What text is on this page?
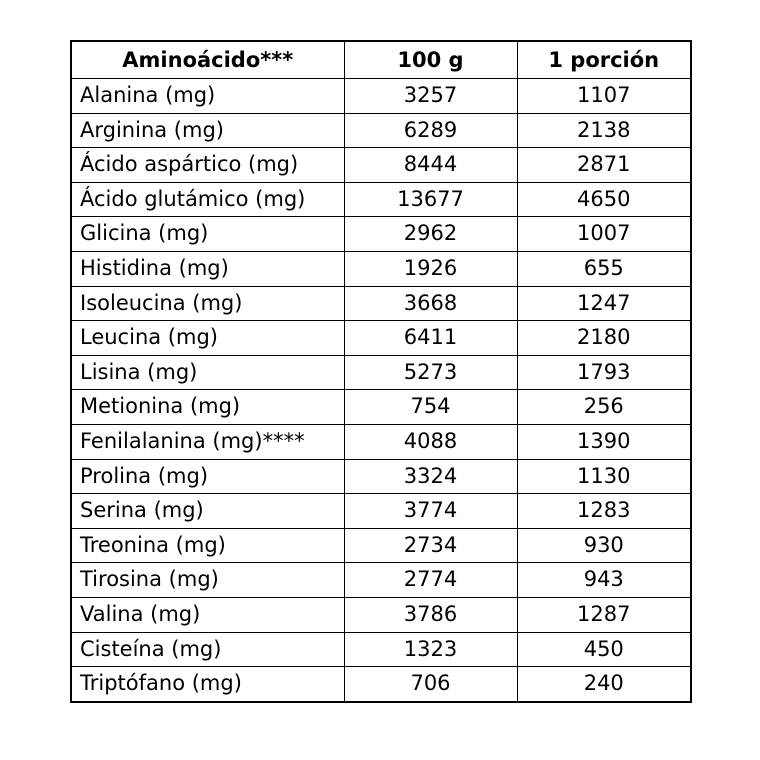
Aminoácido***	100 g	1 porción
Alanina (mg)	3257	1107
Arginina (mg)	6289	2138
Ácido aspártico (mg)	8444	2871
Ácido glutámico (mg)	13677	4650
Glicina (mg)	2962	1007
Histidina (mg)	1926	655
Isoleucina (mg)	3668	1247
Leucina (mg)	6411	2180
Lisina (mg)	5273	1793
Metionina (mg)	754	256
Fenilalanina (mg)****	4088	1390
Prolina (mg)	3324	1130
Serina (mg)	3774	1283
Treonina (mg)	2734	930
Tirosina (mg)	2774	943
Valina (mg)	3786	1287
Cisteína (mg)	1323	450
Triptófano (mg)	706	240
